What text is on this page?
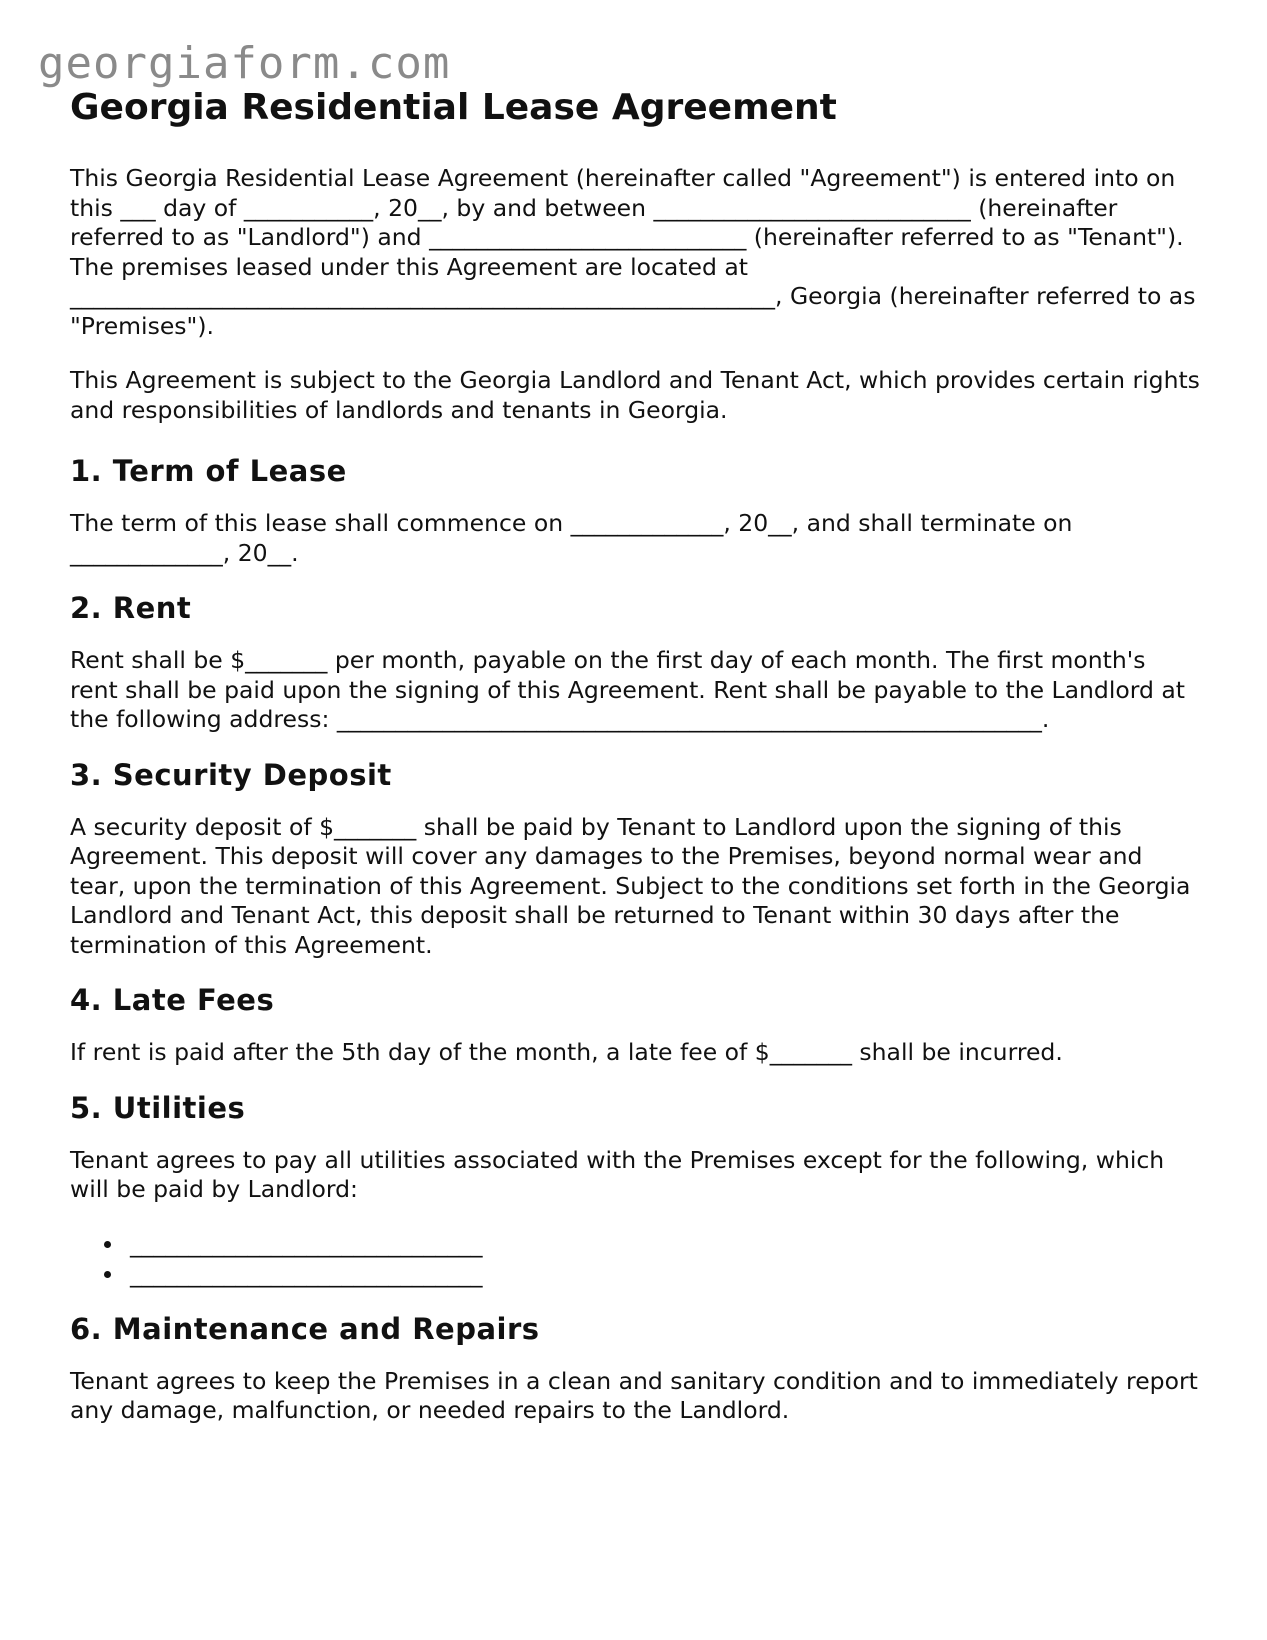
georgiaform.com
Georgia Residential Lease Agreement

This Georgia Residential Lease Agreement (hereinafter called "Agreement") is entered into on this ___ day of ___________, 20__, by and between ___________________________ (hereinafter referred to as "Landlord") and ___________________________ (hereinafter referred to as "Tenant"). The premises leased under this Agreement are located at ____________________________________________________________, Georgia (hereinafter referred to as "Premises").

This Agreement is subject to the Georgia Landlord and Tenant Act, which provides certain rights and responsibilities of landlords and tenants in Georgia.

1. Term of Lease

The term of this lease shall commence on _____________, 20__, and shall terminate on _____________, 20__.

2. Rent

Rent shall be $_______ per month, payable on the first day of each month. The first month's rent shall be paid upon the signing of this Agreement. Rent shall be payable to the Landlord at the following address: ____________________________________________________________.

3. Security Deposit

A security deposit of $_______ shall be paid by Tenant to Landlord upon the signing of this Agreement. This deposit will cover any damages to the Premises, beyond normal wear and tear, upon the termination of this Agreement. Subject to the conditions set forth in the Georgia Landlord and Tenant Act, this deposit shall be returned to Tenant within 30 days after the termination of this Agreement.

4. Late Fees

If rent is paid after the 5th day of the month, a late fee of $_______ shall be incurred.

5. Utilities

Tenant agrees to pay all utilities associated with the Premises except for the following, which will be paid by Landlord:

______________________________
______________________________
6. Maintenance and Repairs

Tenant agrees to keep the Premises in a clean and sanitary condition and to immediately report any damage, malfunction, or needed repairs to the Landlord.
